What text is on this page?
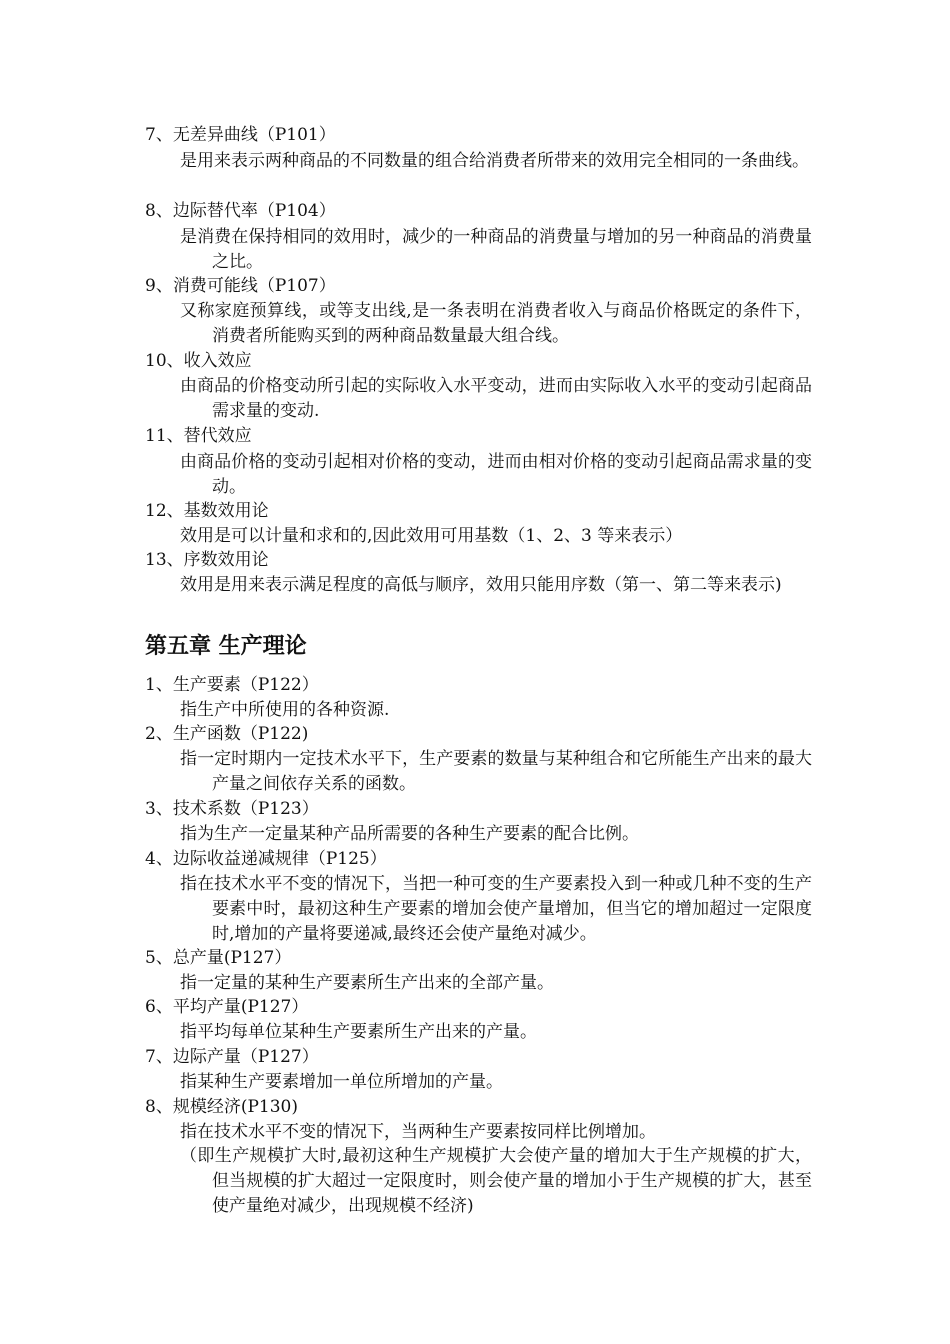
7、无差异曲线（P101）
是用来表示两种商品的不同数量的组合给消费者所带来的效用完全相同的一条曲线。
8、边际替代率（P104）
是消费在保持相同的效用时，减少的一种商品的消费量与增加的另一种商品的消费量之比。
9、消费可能线（P107）
又称家庭预算线，或等支出线,是一条表明在消费者收入与商品价格既定的条件下，消费者所能购买到的两种商品数量最大组合线。
10、收入效应
由商品的价格变动所引起的实际收入水平变动，进而由实际收入水平的变动引起商品需求量的变动.
11、替代效应
由商品价格的变动引起相对价格的变动，进而由相对价格的变动引起商品需求量的变动。
12、基数效用论
效用是可以计量和求和的,因此效用可用基数（1、2、3 等来表示）
13、序数效用论
效用是用来表示满足程度的高低与顺序，效用只能用序数（第一、第二等来表示)
第五章 生产理论
1、生产要素（P122）
指生产中所使用的各种资源.
2、生产函数（P122)
指一定时期内一定技术水平下，生产要素的数量与某种组合和它所能生产出来的最大产量之间依存关系的函数。
3、技术系数（P123）
指为生产一定量某种产品所需要的各种生产要素的配合比例。
4、边际收益递减规律（P125）
指在技术水平不变的情况下，当把一种可变的生产要素投入到一种或几种不变的生产要素中时，最初这种生产要素的增加会使产量增加，但当它的增加超过一定限度时,增加的产量将要递减,最终还会使产量绝对减少。
5、总产量(P127）
指一定量的某种生产要素所生产出来的全部产量。
6、平均产量(P127）
指平均每单位某种生产要素所生产出来的产量。
7、边际产量（P127）
指某种生产要素增加一单位所增加的产量。
8、规模经济(P130)
指在技术水平不变的情况下，当两种生产要素按同样比例增加。
（即生产规模扩大时,最初这种生产规模扩大会使产量的增加大于生产规模的扩大，但当规模的扩大超过一定限度时，则会使产量的增加小于生产规模的扩大，甚至使产量绝对减少，出现规模不经济)
